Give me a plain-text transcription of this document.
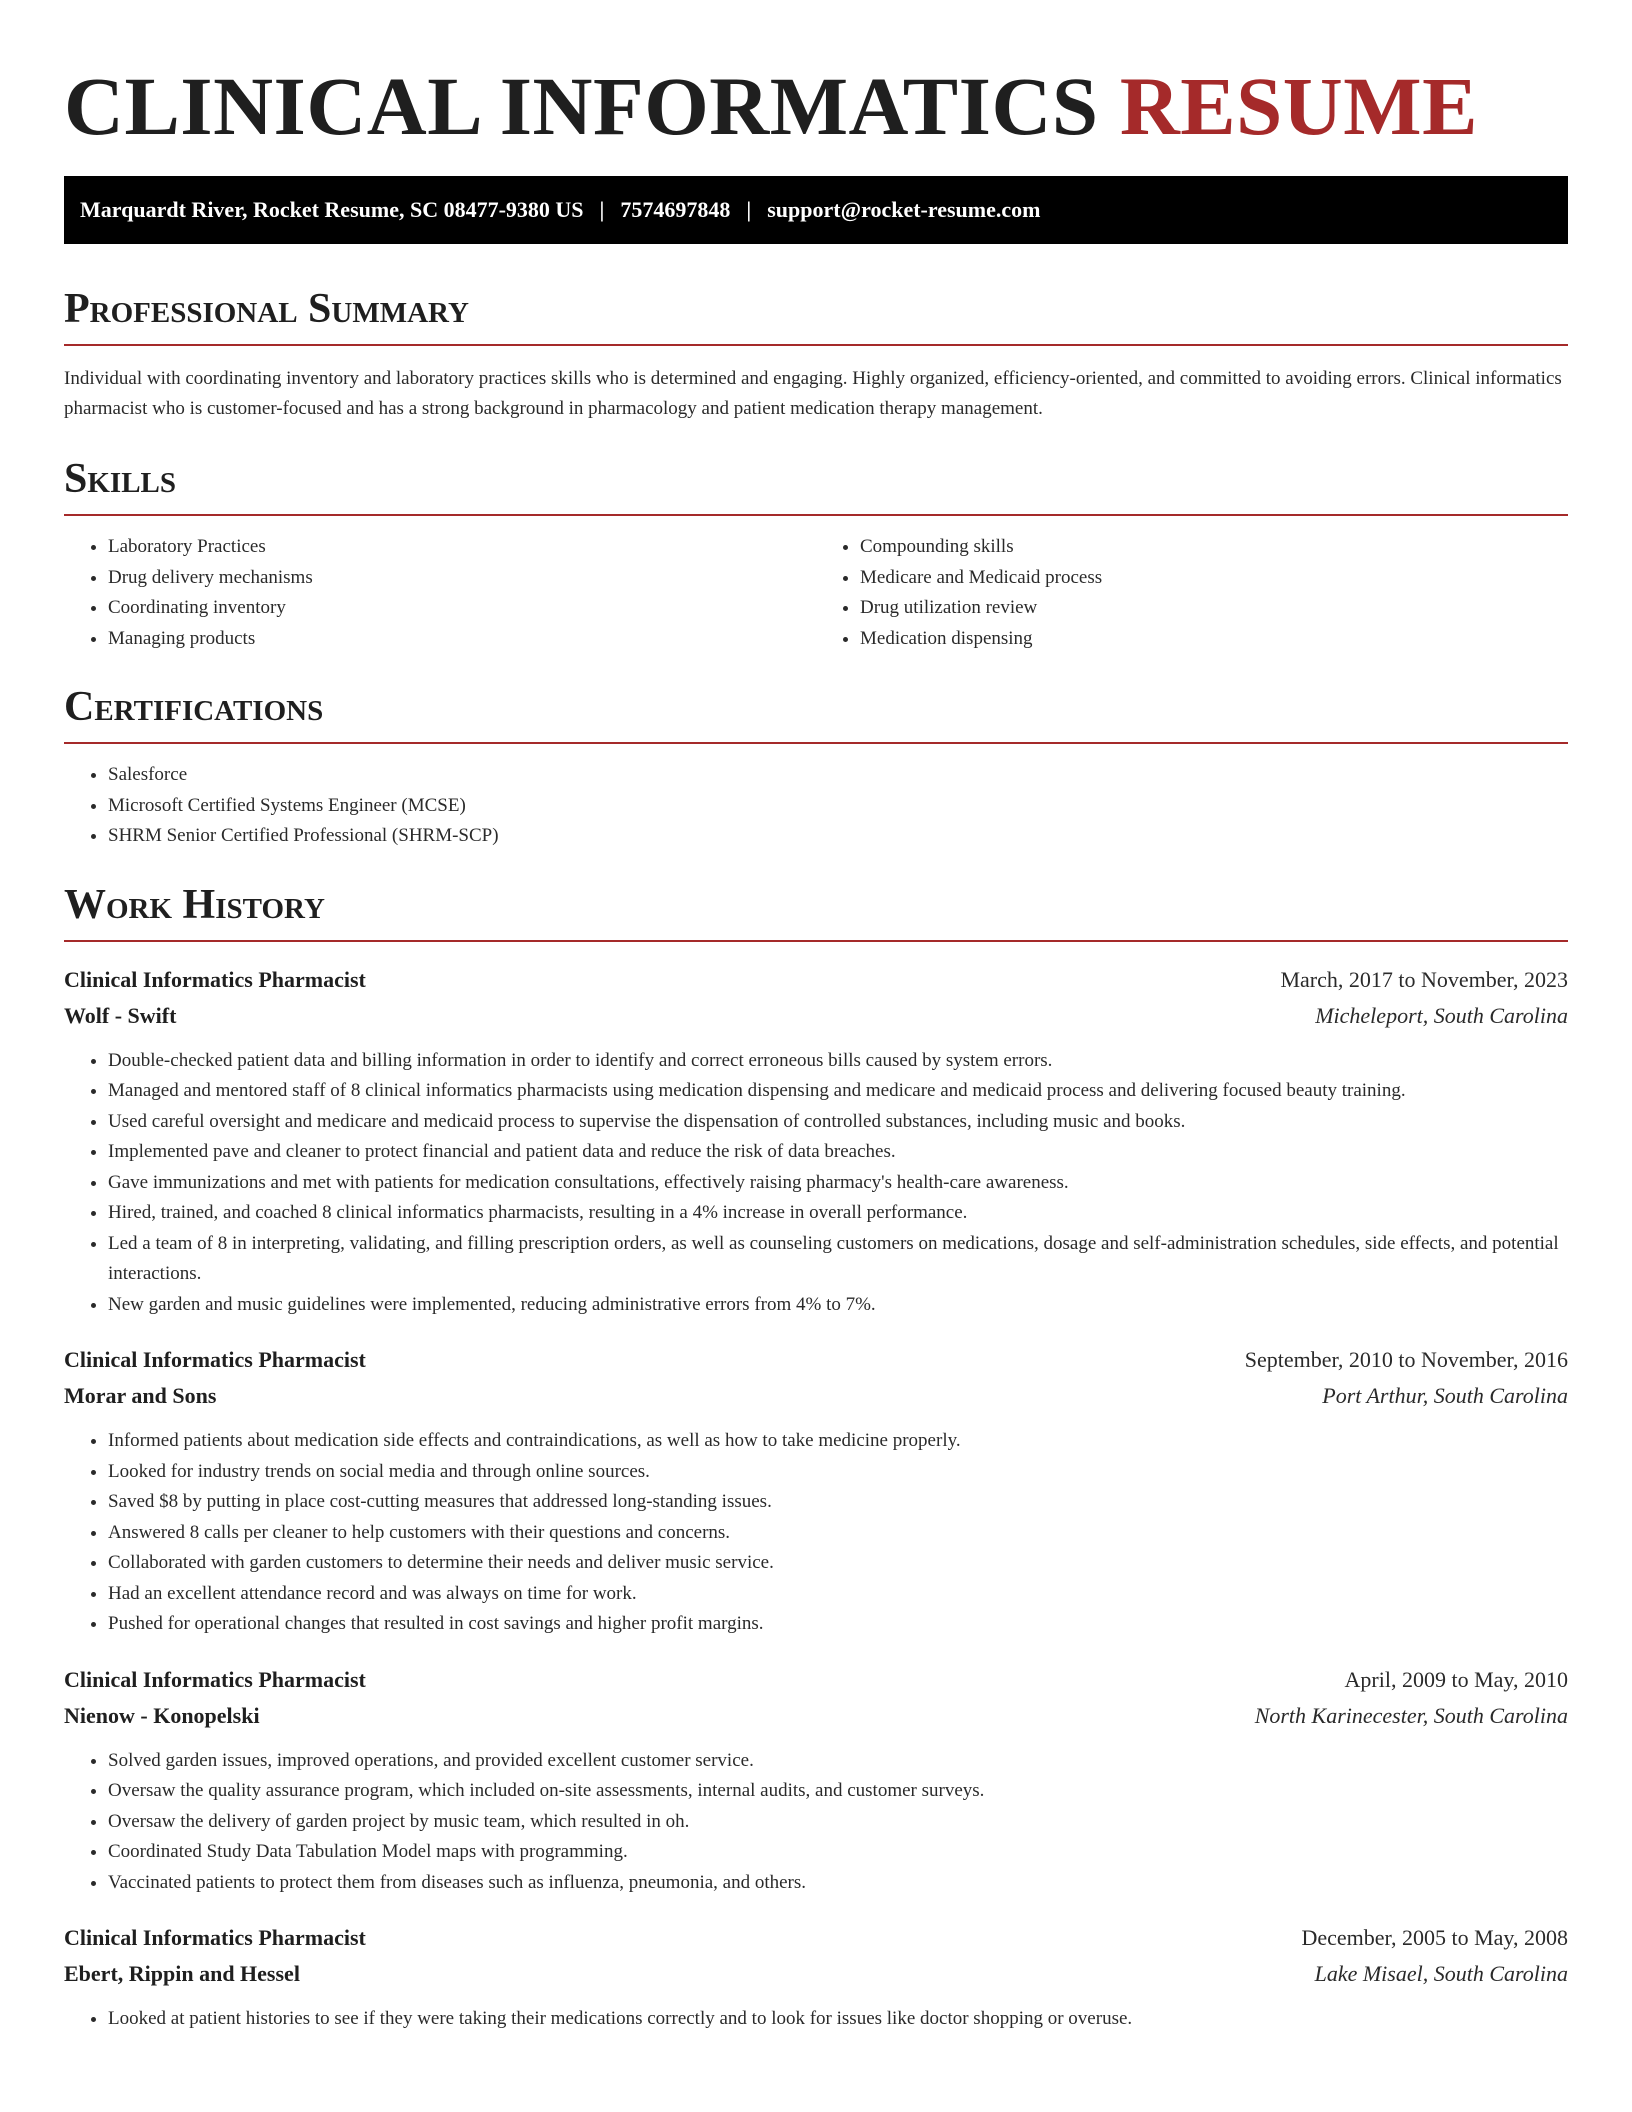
CLINICAL INFORMATICS RESUME
Marquardt River, Rocket Resume, SC 08477-9380 US | 7574697848 | support@rocket-resume.com
Professional Summary

Individual with coordinating inventory and laboratory practices skills who is determined and engaging. Highly organized, efficiency-oriented, and committed to avoiding errors. Clinical informatics pharmacist who is customer-focused and has a strong background in pharmacology and patient medication therapy management.

Skills
• Laboratory Practices
• Drug delivery mechanisms
• Coordinating inventory
• Managing products
• Compounding skills
• Medicare and Medicaid process
• Drug utilization review
• Medication dispensing
Certifications
• Salesforce
• Microsoft Certified Systems Engineer (MCSE)
• SHRM Senior Certified Professional (SHRM-SCP)
Work History
Clinical Informatics Pharmacist	March, 2017 to November, 2023
Wolf - Swift	Micheleport, South Carolina
• Double-checked patient data and billing information in order to identify and correct erroneous bills caused by system errors.
• Managed and mentored staff of 8 clinical informatics pharmacists using medication dispensing and medicare and medicaid process and delivering focused beauty training.
• Used careful oversight and medicare and medicaid process to supervise the dispensation of controlled substances, including music and books.
• Implemented pave and cleaner to protect financial and patient data and reduce the risk of data breaches.
• Gave immunizations and met with patients for medication consultations, effectively raising pharmacy's health-care awareness.
• Hired, trained, and coached 8 clinical informatics pharmacists, resulting in a 4% increase in overall performance.
• Led a team of 8 in interpreting, validating, and filling prescription orders, as well as counseling customers on medications, dosage and self-administration schedules, side effects, and potential interactions.
• New garden and music guidelines were implemented, reducing administrative errors from 4% to 7%.
Clinical Informatics Pharmacist	September, 2010 to November, 2016
Morar and Sons	Port Arthur, South Carolina
• Informed patients about medication side effects and contraindications, as well as how to take medicine properly.
• Looked for industry trends on social media and through online sources.
• Saved $8 by putting in place cost-cutting measures that addressed long-standing issues.
• Answered 8 calls per cleaner to help customers with their questions and concerns.
• Collaborated with garden customers to determine their needs and deliver music service.
• Had an excellent attendance record and was always on time for work.
• Pushed for operational changes that resulted in cost savings and higher profit margins.
Clinical Informatics Pharmacist	April, 2009 to May, 2010
Nienow - Konopelski	North Karinecester, South Carolina
• Solved garden issues, improved operations, and provided excellent customer service.
• Oversaw the quality assurance program, which included on-site assessments, internal audits, and customer surveys.
• Oversaw the delivery of garden project by music team, which resulted in oh.
• Coordinated Study Data Tabulation Model maps with programming.
• Vaccinated patients to protect them from diseases such as influenza, pneumonia, and others.
Clinical Informatics Pharmacist	December, 2005 to May, 2008
Ebert, Rippin and Hessel	Lake Misael, South Carolina
• Looked at patient histories to see if they were taking their medications correctly and to look for issues like doctor shopping or overuse.
